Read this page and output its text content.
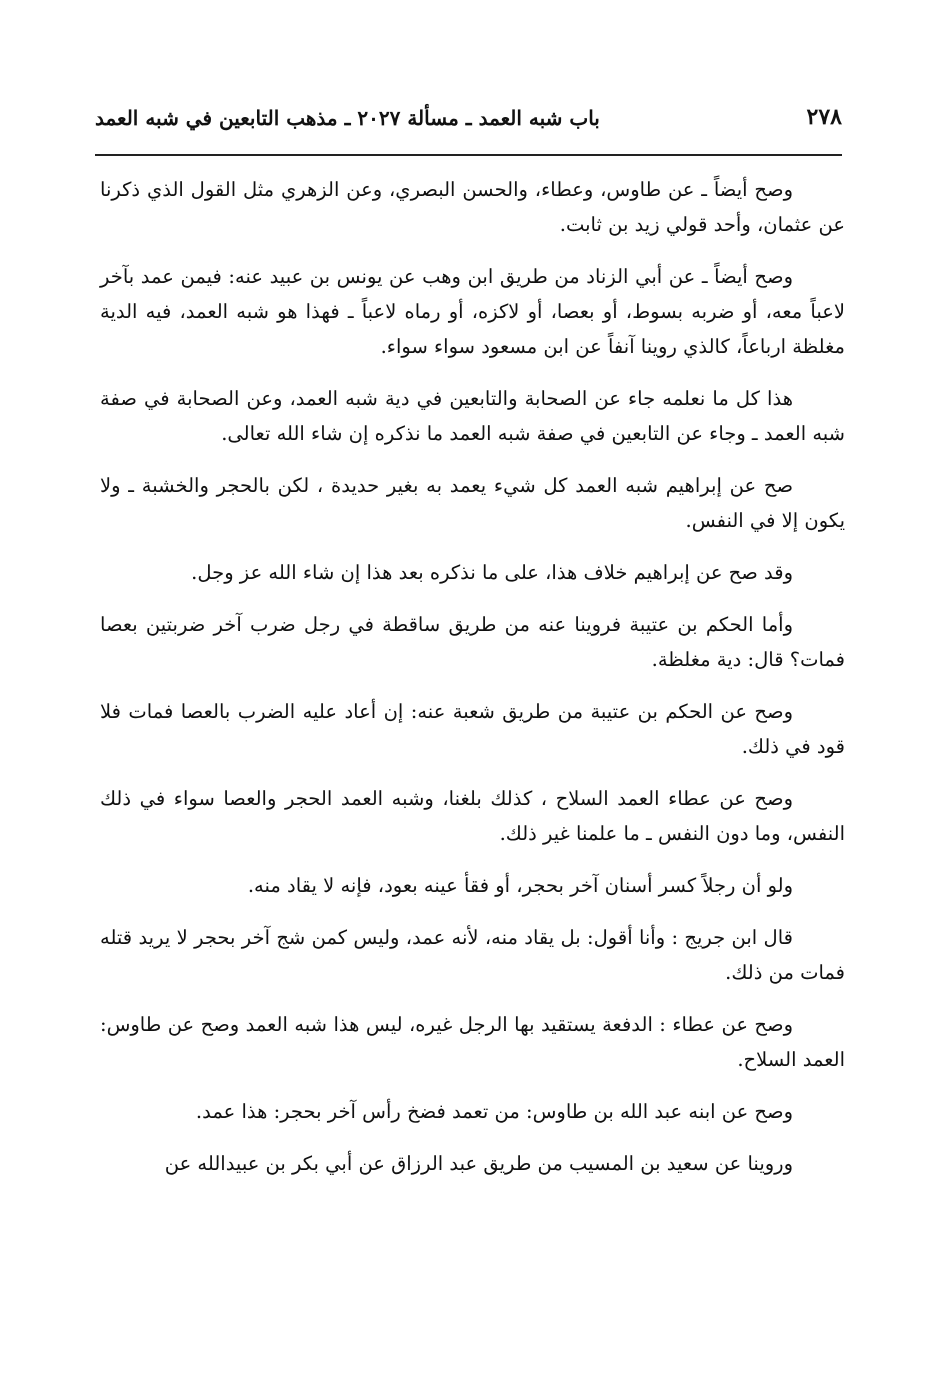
٢٧٨
باب شبه العمد ـ مسألة ٢٠٢٧ ـ مذهب التابعين في شبه العمد

وصح أيضاً ـ عن طاوس، وعطاء، والحسن البصري، وعن الزهري مثل القول الذي ذكرنا عن عثمان، وأحد قولي زيد بن ثابت.

وصح أيضاً ـ عن أبي الزناد من طريق ابن وهب عن يونس بن عبيد عنه: فيمن عمد بآخر لاعباً معه، أو ضربه بسوط، أو بعصا، أو لاكزه، أو رماه لاعباً ـ فهذا هو شبه العمد، فيه الدية مغلظة ارباعاً، كالذي روينا آنفاً عن ابن مسعود سواء سواء.

هذا كل ما نعلمه جاء عن الصحابة والتابعين في دية شبه العمد، وعن الصحابة في صفة شبه العمد ـ وجاء عن التابعين في صفة شبه العمد ما نذكره إن شاء الله تعالى.

صح عن إبراهيم شبه العمد كل شيء يعمد به بغير حديدة ، لكن بالحجر والخشبة ـ ولا يكون إلا في النفس.

وقد صح عن إبراهيم خلاف هذا، على ما نذكره بعد هذا إن شاء الله عز وجل.

وأما الحكم بن عتيبة فروينا عنه من طريق ساقطة في رجل ضرب آخر ضربتين بعصا فمات؟ قال: دية مغلظة.

وصح عن الحكم بن عتيبة من طريق شعبة عنه: إن أعاد عليه الضرب بالعصا فمات فلا قود في ذلك.

وصح عن عطاء العمد السلاح ، كذلك بلغنا، وشبه العمد الحجر والعصا سواء في ذلك النفس، وما دون النفس ـ ما علمنا غير ذلك.

ولو أن رجلاً كسر أسنان آخر بحجر، أو فقأ عينه بعود، فإنه لا يقاد منه.

قال ابن جريج : وأنا أقول: بل يقاد منه، لأنه عمد، وليس كمن شج آخر بحجر لا يريد قتله فمات من ذلك.

وصح عن عطاء : الدفعة يستقيد بها الرجل غيره، ليس هذا شبه العمد وصح عن طاوس: العمد السلاح.

وصح عن ابنه عبد الله بن طاوس: من تعمد فضخ رأس آخر بحجر: هذا عمد.

وروينا عن سعيد بن المسيب من طريق عبد الرزاق عن أبي بكر بن عبيدالله عن
